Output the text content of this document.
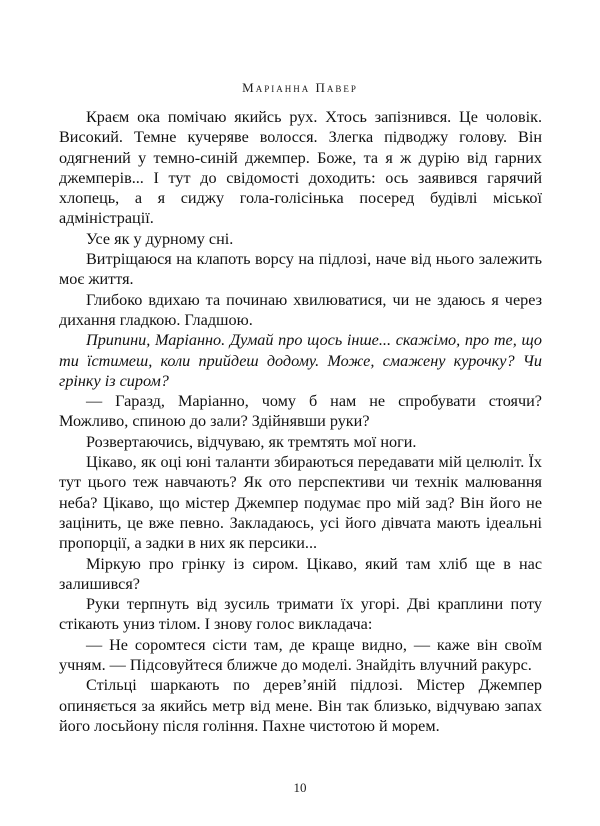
Маріанна Павер

Краєм ока помічаю якийсь рух. Хтось запізнився. Це чоловік. Високий. Темне кучеряве волосся. Злегка підводжу голову. Він одягнений у темно-синій джемпер. Боже, та я ж дурію від гарних джемперів... І тут до свідомості доходить: ось заявився гарячий хлопець, а я сиджу гола-голісінька посеред будівлі міської адміністрації.

Усе як у дурному сні.

Витріщаюся на клапоть ворсу на підлозі, наче від нього залежить моє життя.

Глибоко вдихаю та починаю хвилюватися, чи не здаюсь я через дихання гладкою. Гладшою.

Припини, Маріанно. Думай про щось інше... скажімо, про те, що ти їстимеш, коли прийдеш додому. Може, смажену курочку? Чи грінку із сиром?

— Гаразд, Маріанно, чому б нам не спробувати стоячи? Можливо, спиною до зали? Здійнявши руки?

Розвертаючись, відчуваю, як тремтять мої ноги.

Цікаво, як оці юні таланти збираються передавати мій целюліт. Їх тут цього теж навчають? Як ото перспективи чи технік малювання неба? Цікаво, що містер Джемпер подумає про мій зад? Він його не зацінить, це вже певно. Закладаюсь, усі його дівчата мають ідеальні пропорції, а задки в них як персики...

Міркую про грінку із сиром. Цікаво, який там хліб ще в нас залишився?

Руки терпнуть від зусиль тримати їх угорі. Дві краплини поту стікають униз тілом. І знову голос викладача:

— Не соромтеся сісти там, де краще видно, — каже він своїм учням. — Підсовуйтеся ближче до моделі. Знайдіть влучний ракурс.

Стільці шаркають по дерев’яній підлозі. Містер Джемпер опиняється за якийсь метр від мене. Він так близько, відчуваю запах його лосьйону після гоління. Пахне чистотою й морем.

10
